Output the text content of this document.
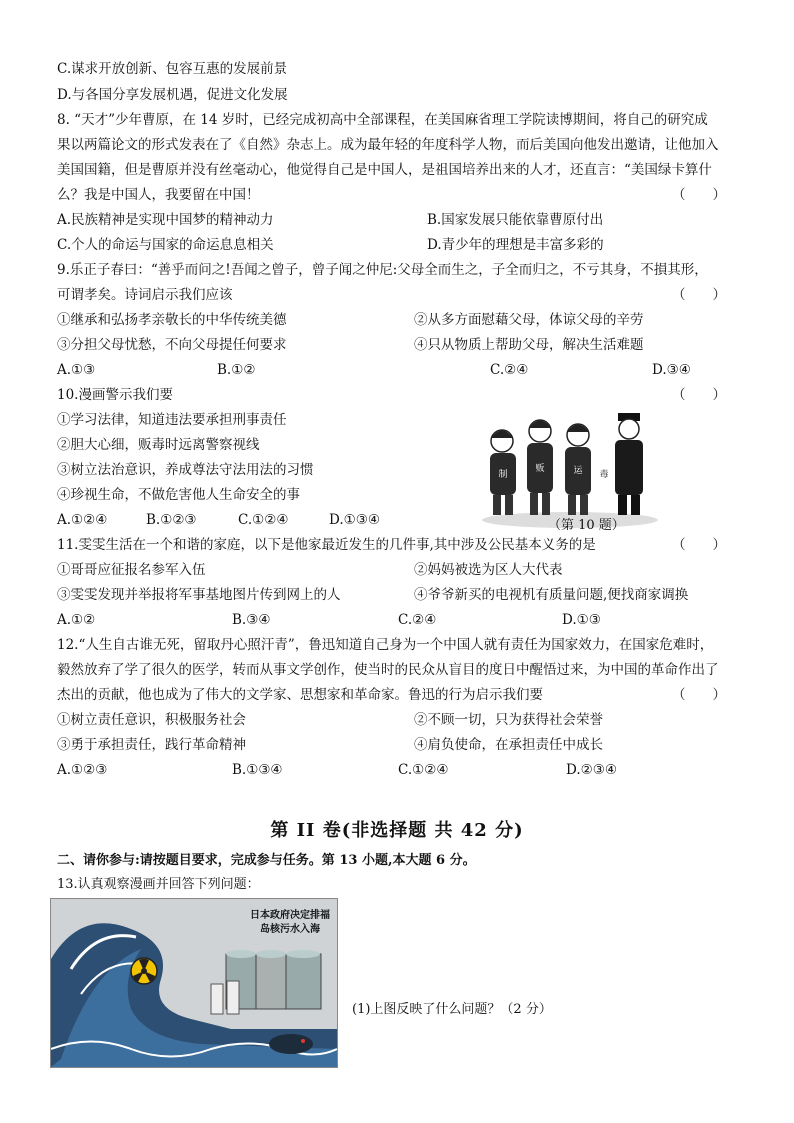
C.谋求开放创新、包容互惠的发展前景
D.与各国分享发展机遇，促进文化发展
8. “天才”少年曹原，在 14 岁时，已经完成初高中全部课程，在美国麻省理工学院读博期间，将自己的研究成
果以两篇论文的形式发表在了《自然》杂志上。成为最年轻的年度科学人物，而后美国向他发出邀请，让他加入
美国国籍，但是曹原并没有丝毫动心，他觉得自己是中国人，是祖国培养出来的人才，还直言：“美国绿卡算什
么？我是中国人，我要留在中国！	（　　）
A.民族精神是实现中国梦的精神动力	B.国家发展只能依靠曹原付出
C.个人的命运与国家的命运息息相关	D.青少年的理想是丰富多彩的
9.乐正子春曰：“善乎而问之!吾闻之曾子，曾子闻之仲尼:父母全而生之，子全而归之，不亏其身，不損其形，
可谓孝矣。诗词启示我们应该	（　　）
①继承和弘扬孝亲敬长的中华传统美德	②从多方面慰藉父母，体谅父母的辛劳
③分担父母忧愁，不向父母提任何要求	④只从物质上帮助父母，解决生活难题
A.①③	B.①②	C.②④	D.③④
10.漫画警示我们要	（　　）
①学习法律，知道违法要承担刑事责任
②胆大心细，贩毒时远离警察视线
③树立法治意识，养成尊法守法用法的习惯
④珍视生命，不做危害他人生命安全的事
A.①②④	B.①②③	C.①②④	D.①③④
制
贩	运 毒
（第 10 题）
11.雯雯生活在一个和谐的家庭，以下是他家最近发生的几件事,其中涉及公民基本义务的是	（　　）
①哥哥应征报名参军入伍	②妈妈被选为区人大代表
③雯雯发现并举报将军事基地图片传到网上的人	④爷爷新买的电视机有质量问题,便找商家调换
A.①②	B.③④	C.②④	D.①③
12.“人生自古谁无死，留取丹心照汗青”，鲁迅知道自己身为一个中国人就有责任为国家效力，在国家危难时，
毅然放弃了学了很久的医学，转而从事文学创作，使当时的民众从盲目的度日中醒悟过来，为中国的革命作出了
杰出的贡献，他也成为了伟大的文学家、思想家和革命家。鲁迅的行为启示我们要	（　　）
①树立责任意识，积极服务社会	②不顾一切，只为获得社会荣誉
③勇于承担责任，践行革命精神	④肩负使命，在承担责任中成长
A.①②③	B.①③④	C.①②④	D.②③④
第 II 卷(非选择题 共 42 分)
二、请你参与:请按题目要求，完成参与任务。第 13 小题,本大题 6 分。
13.认真观察漫画并回答下列问题：
日本政府决定排福岛核污水入海
(1)上图反映了什么问题？（2 分）
